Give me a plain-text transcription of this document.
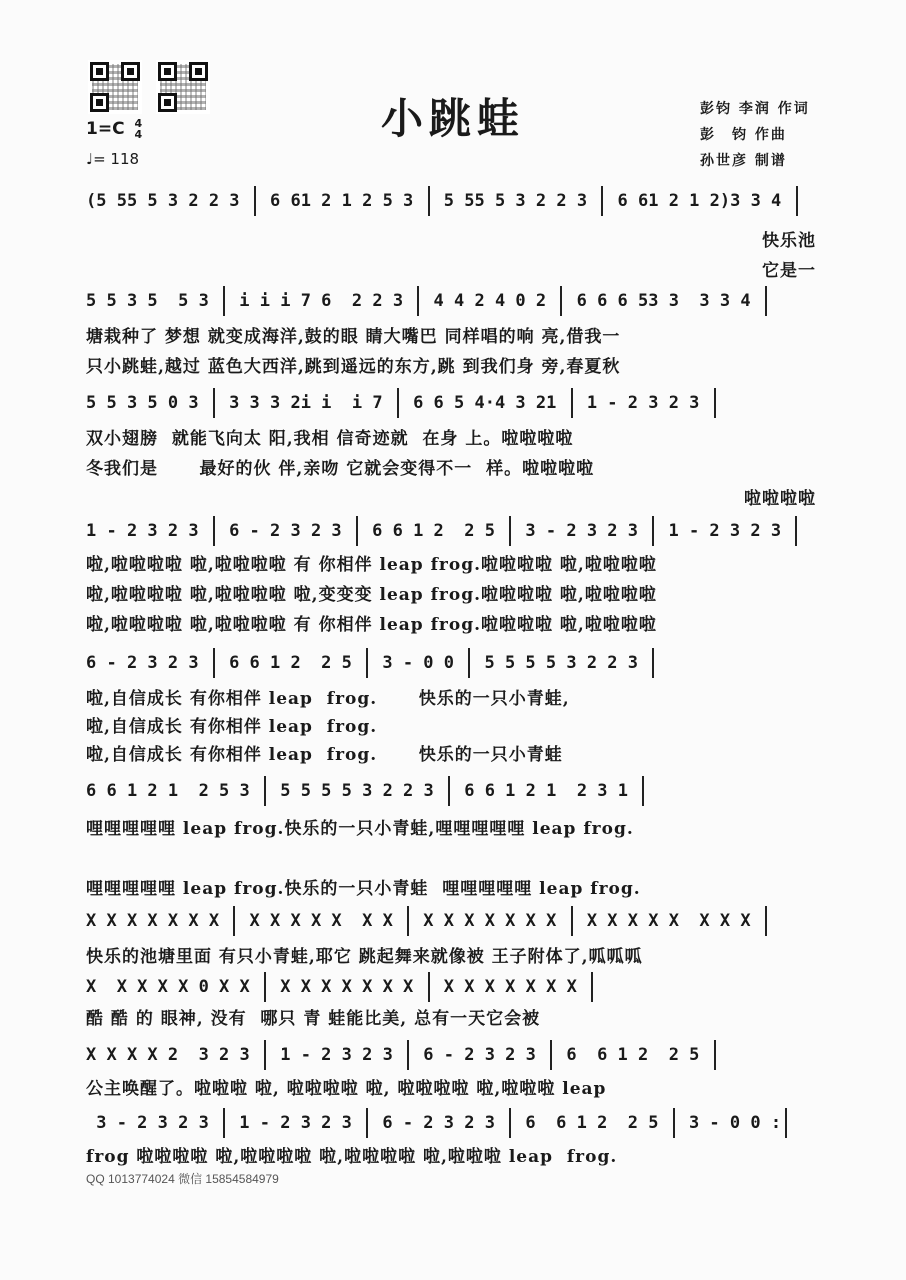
小跳蛙
1=C 4
4
♩= 118
彭钧 李润 作词
彭　钧 作曲
孙世彦 制谱
(5 55 5 3 2 2 3 6 61 2 1 2 5 3 5 55 5 3 2 2 3 6 61 2 1 2)3 3 4
快乐池
它是一
5 5 3 5  5 3 i i i 7 6  2 2 3 4 4 2 4 0 2 6 6 6 53 3  3 3 4
塘栽种了 梦想 就变成海洋,鼓的眼 睛大嘴巴 同样唱的响 亮,借我一
只小跳蛙,越过 蓝色大西洋,跳到遥远的东方,跳 到我们身 旁,春夏秋
5 5 3 5 0 3 3 3 3 2i i  i 7 6 6 5 4·4 3 21 1 - 2 3 2 3
双小翅膀  就能飞向太 阳,我相 信奇迹就  在身 上。啦啦啦啦
冬我们是      最好的伙 伴,亲吻 它就会变得不一  样。啦啦啦啦
啦啦啦啦
1 - 2 3 2 3 6 - 2 3 2 3 6 6 1 2  2 5 3 - 2 3 2 3 1 - 2 3 2 3
啦,啦啦啦啦 啦,啦啦啦啦 有 你相伴 leap frog.啦啦啦啦 啦,啦啦啦啦
啦,啦啦啦啦 啦,啦啦啦啦 啦,变变变 leap frog.啦啦啦啦 啦,啦啦啦啦
啦,啦啦啦啦 啦,啦啦啦啦 有 你相伴 leap frog.啦啦啦啦 啦,啦啦啦啦
6 - 2 3 2 3 6 6 1 2  2 5 3 - 0 0 5 5 5 5 3 2 2 3
啦,自信成长 有你相伴 leap  frog.      快乐的一只小青蛙,
啦,自信成长 有你相伴 leap  frog.
啦,自信成长 有你相伴 leap  frog.      快乐的一只小青蛙
6 6 1 2 1  2 5 3 5 5 5 5 3 2 2 3 6 6 1 2 1  2 3 1
哩哩哩哩哩 leap frog.快乐的一只小青蛙,哩哩哩哩哩 leap frog.
哩哩哩哩哩 leap frog.快乐的一只小青蛙  哩哩哩哩哩 leap frog.
X X X X X X X X X X X X  X X X X X X X X X X X X X X  X X X
快乐的池塘里面 有只小青蛙,耶它 跳起舞来就像被 王子附体了,呱呱呱
X  X X X X 0 X X X X X X X X X X X X X X X X
酷 酷 的 眼神, 没有  哪只 青 蛙能比美, 总有一天它会被
X X X X 2  3 2 3 1 - 2 3 2 3 6 - 2 3 2 3 6  6 1 2  2 5
公主唤醒了。啦啦啦 啦, 啦啦啦啦 啦, 啦啦啦啦 啦,啦啦啦 leap
3 - 2 3 2 3 1 - 2 3 2 3 6 - 2 3 2 3 6  6 1 2  2 5 3 - 0 0 :
frog 啦啦啦啦 啦,啦啦啦啦 啦,啦啦啦啦 啦,啦啦啦 leap  frog.
QQ 1013774024 微信 15854584979
